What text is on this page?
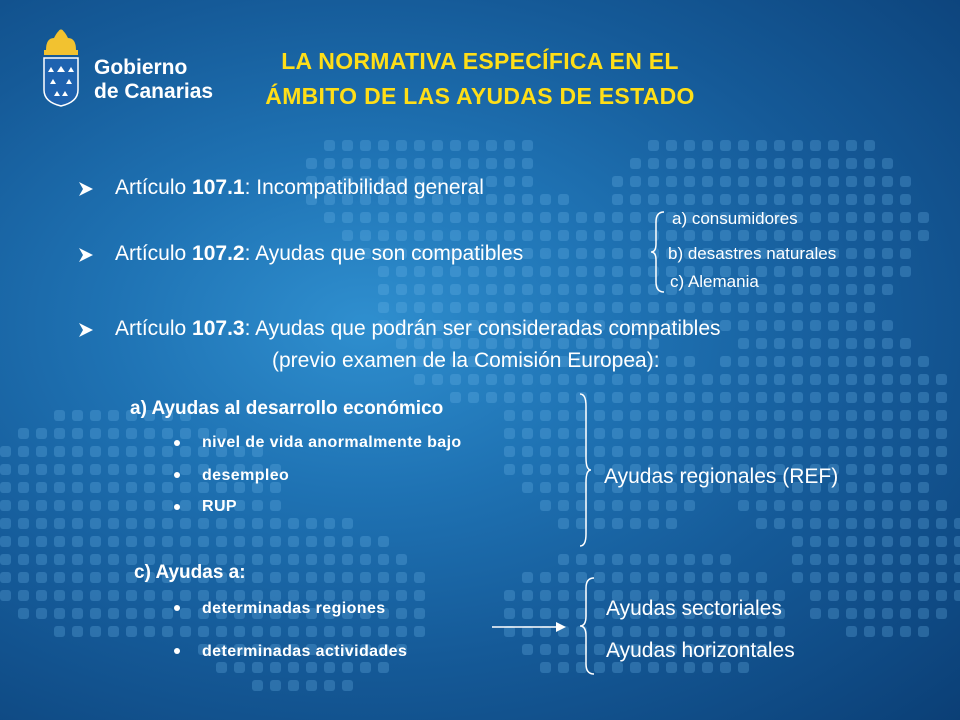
Gobierno
de Canarias
LA NORMATIVA ESPECÍFICA EN EL
ÁMBITO DE LAS AYUDAS DE ESTADO
Artículo 107.1: Incompatibilidad general
Artículo 107.2: Ayudas que son compatibles
a) consumidores
b) desastres naturales
c) Alemania
Artículo 107.3: Ayudas que podrán ser consideradas compatibles
(previo examen de la Comisión Europea):
a) Ayudas al desarrollo económico
nivel de vida anormalmente bajo
desempleo
RUP
Ayudas regionales (REF)
c) Ayudas a:
determinadas regiones
determinadas actividades
Ayudas sectoriales
Ayudas horizontales
